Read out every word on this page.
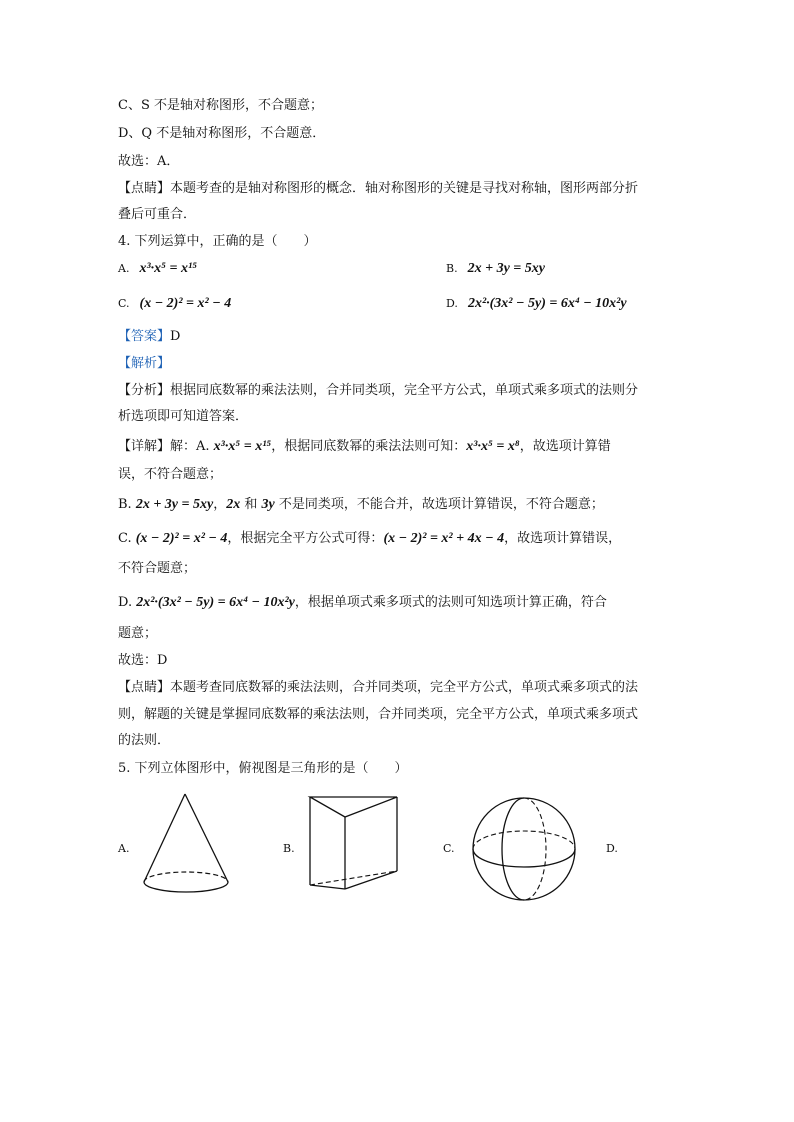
C、S 不是轴对称图形，不合题意；
D、Q 不是轴对称图形，不合题意．
故选：A．
【点睛】本题考查的是轴对称图形的概念．轴对称图形的关键是寻找对称轴，图形两部分折
叠后可重合．
4. 下列运算中，正确的是（　　）
A. x³·x⁵ = x¹⁵	B. 2x + 3y = 5xy
C. (x − 2)² = x² − 4	D. 2x²·(3x² − 5y) = 6x⁴ − 10x²y
【答案】D
【解析】
【分析】根据同底数幂的乘法法则，合并同类项，完全平方公式，单项式乘多项式的法则分
析选项即可知道答案．
【详解】解：A. x³·x⁵ = x¹⁵，根据同底数幂的乘法法则可知：x³·x⁵ = x⁸，故选项计算错
误，不符合题意；
B. 2x + 3y = 5xy，2x 和 3y 不是同类项，不能合并，故选项计算错误，不符合题意；
C. (x − 2)² = x² − 4，根据完全平方公式可得：(x − 2)² = x² + 4x − 4，故选项计算错误，
不符合题意；
D. 2x²·(3x² − 5y) = 6x⁴ − 10x²y，根据单项式乘多项式的法则可知选项计算正确，符合
题意；
故选：D
【点睛】本题考查同底数幂的乘法法则，合并同类项，完全平方公式，单项式乘多项式的法
则，解题的关键是掌握同底数幂的乘法法则，合并同类项，完全平方公式，单项式乘多项式
的法则．
5. 下列立体图形中，俯视图是三角形的是（　　）
A.	B.	C.	D.
